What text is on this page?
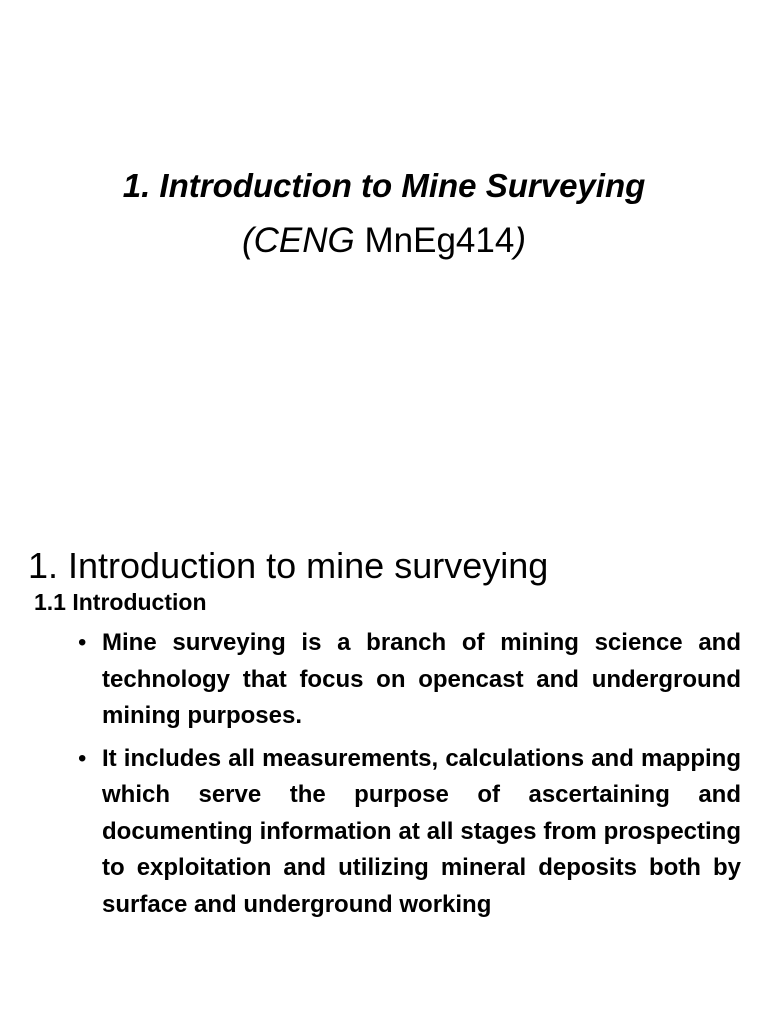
1. Introduction to Mine Surveying
(CENG MnEg414)
1. Introduction to mine surveying
1.1 Introduction
• Mine surveying is a branch of mining science and technology that focus on opencast and underground mining purposes.
• It includes all measurements, calculations and mapping which serve the purpose of ascertaining and documenting information at all stages from prospecting to exploitation and utilizing mineral deposits both by surface and underground working
